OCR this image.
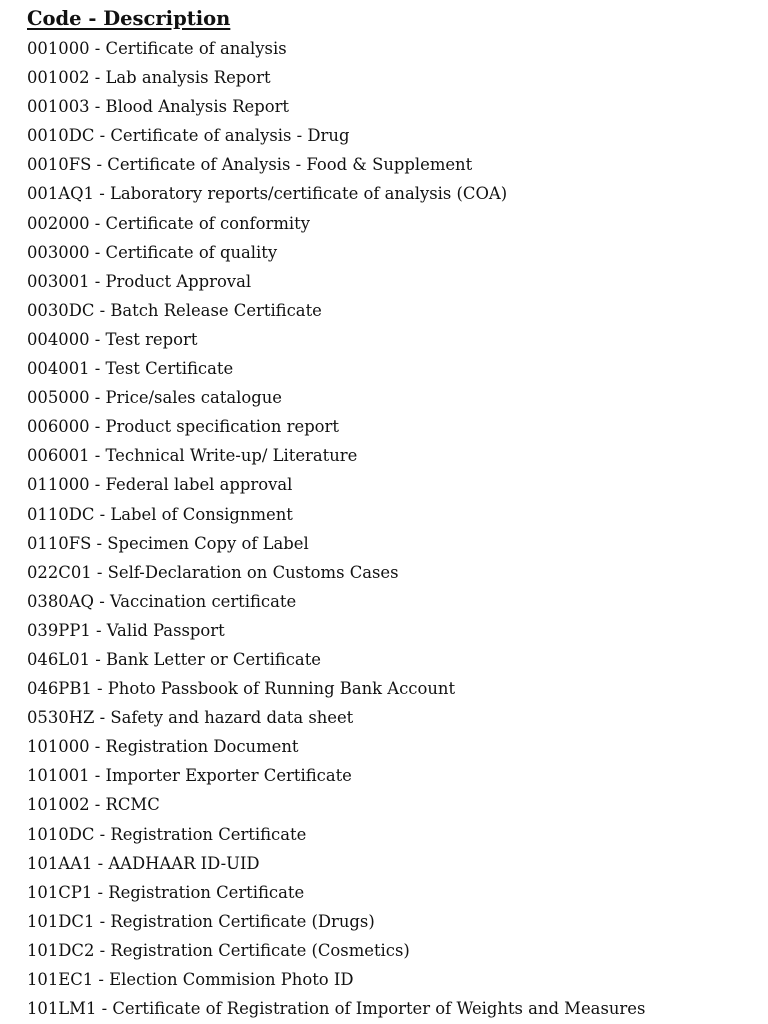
Code - Description
001000 - Certificate of analysis
001002 - Lab analysis Report
001003 - Blood Analysis Report
0010DC - Certificate of analysis - Drug
0010FS - Certificate of Analysis - Food & Supplement
001AQ1 - Laboratory reports/certificate of analysis (COA)
002000 - Certificate of conformity
003000 - Certificate of quality
003001 - Product Approval
0030DC - Batch Release Certificate
004000 - Test report
004001 - Test Certificate
005000 - Price/sales catalogue
006000 - Product specification report
006001 - Technical Write-up/ Literature
011000 - Federal label approval
0110DC - Label of Consignment
0110FS - Specimen Copy of Label
022C01 - Self-Declaration on Customs Cases
0380AQ - Vaccination certificate
039PP1 - Valid Passport
046L01 - Bank Letter or Certificate
046PB1 - Photo Passbook of Running Bank Account
0530HZ - Safety and hazard data sheet
101000 - Registration Document
101001 - Importer Exporter Certificate
101002 - RCMC
1010DC - Registration Certificate
101AA1 - AADHAAR ID-UID
101CP1 - Registration Certificate
101DC1 - Registration Certificate (Drugs)
101DC2 - Registration Certificate (Cosmetics)
101EC1 - Election Commision Photo ID
101LM1 - Certificate of Registration of Importer of Weights and Measures
